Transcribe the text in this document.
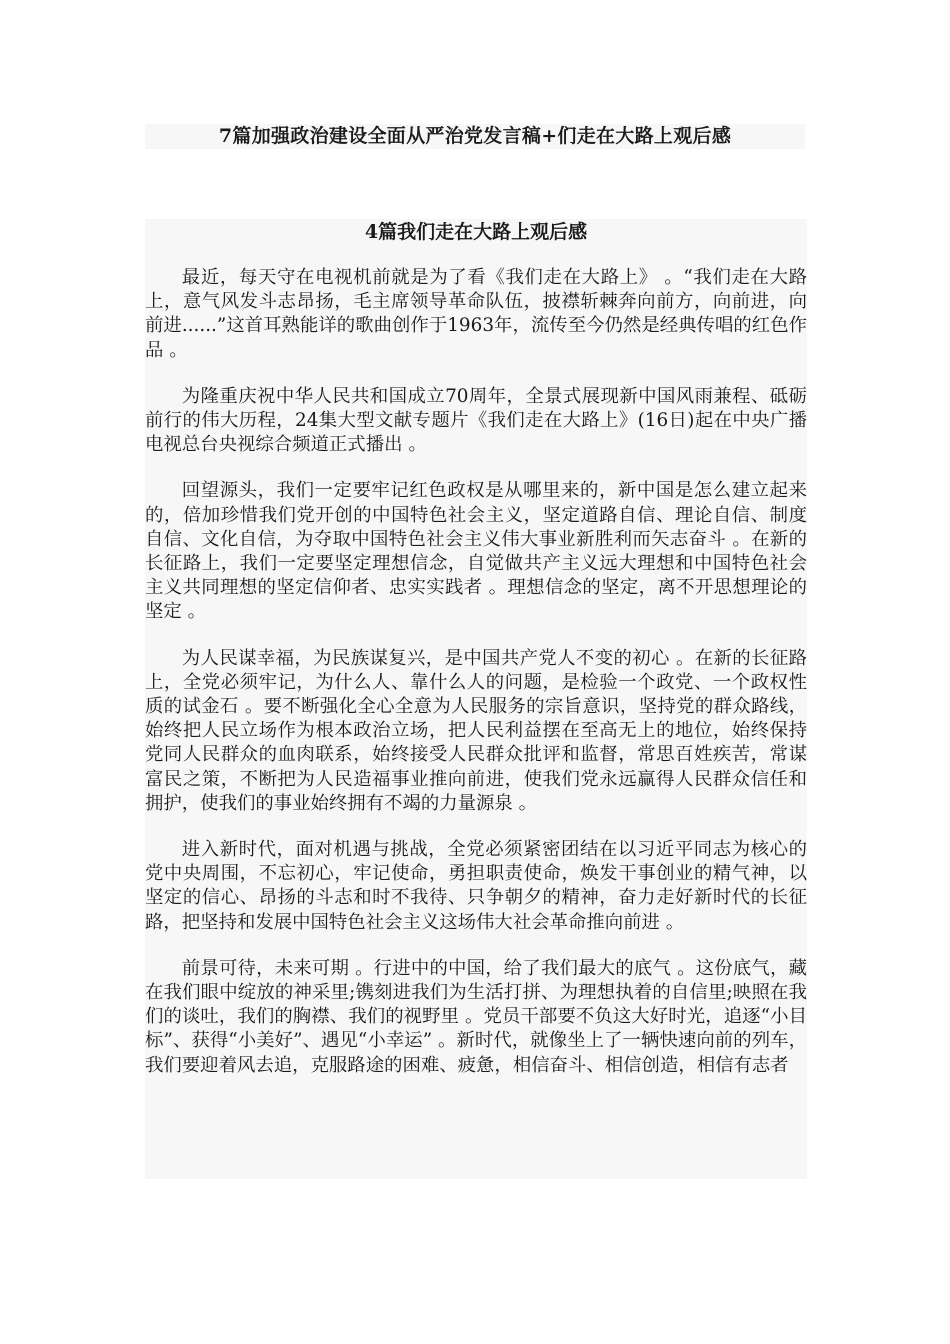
7篇加强政治建设全面从严治党发言稿+们走在大路上观后感
4篇我们走在大路上观后感

最近，每天守在电视机前就是为了看《我们走在大路上》 。“我们走在大路上，意气风发斗志昂扬，毛主席领导革命队伍，披襟斩棘奔向前方，向前进，向前进......”这首耳熟能详的歌曲创作于1963年，流传至今仍然是经典传唱的红色作品 。

为隆重庆祝中华人民共和国成立70周年，全景式展现新中国风雨兼程、砥砺前行的伟大历程，24集大型文献专题片《我们走在大路上》(16日)起在中央广播电视总台央视综合频道正式播出 。

回望源头，我们一定要牢记红色政权是从哪里来的，新中国是怎么建立起来的，倍加珍惜我们党开创的中国特色社会主义，坚定道路自信、理论自信、制度自信、文化自信，为夺取中国特色社会主义伟大事业新胜利而矢志奋斗 。在新的长征路上，我们一定要坚定理想信念，自觉做共产主义远大理想和中国特色社会主义共同理想的坚定信仰者、忠实实践者 。理想信念的坚定，离不开思想理论的坚定 。

为人民谋幸福，为民族谋复兴，是中国共产党人不变的初心 。在新的长征路上，全党必须牢记，为什么人、靠什么人的问题，是检验一个政党、一个政权性质的试金石 。要不断强化全心全意为人民服务的宗旨意识，坚持党的群众路线，始终把人民立场作为根本政治立场，把人民利益摆在至高无上的地位，始终保持党同人民群众的血肉联系，始终接受人民群众批评和监督，常思百姓疾苦，常谋富民之策，不断把为人民造福事业推向前进，使我们党永远赢得人民群众信任和拥护，使我们的事业始终拥有不竭的力量源泉 。

进入新时代，面对机遇与挑战，全党必须紧密团结在以习近平同志为核心的党中央周围，不忘初心，牢记使命，勇担职责使命，焕发干事创业的精气神，以坚定的信心、昂扬的斗志和时不我待、只争朝夕的精神，奋力走好新时代的长征路，把坚持和发展中国特色社会主义这场伟大社会革命推向前进 。

前景可待，未来可期 。行进中的中国，给了我们最大的底气 。这份底气，藏在我们眼中绽放的神采里;镌刻进我们为生活打拼、为理想执着的自信里;映照在我们的谈吐，我们的胸襟、我们的视野里 。党员干部要不负这大好时光，追逐“小目标”、获得“小美好”、遇见“小幸运” 。新时代，就像坐上了一辆快速向前的列车，我们要迎着风去追，克服路途的困难、疲惫，相信奋斗、相信创造，相信有志者
